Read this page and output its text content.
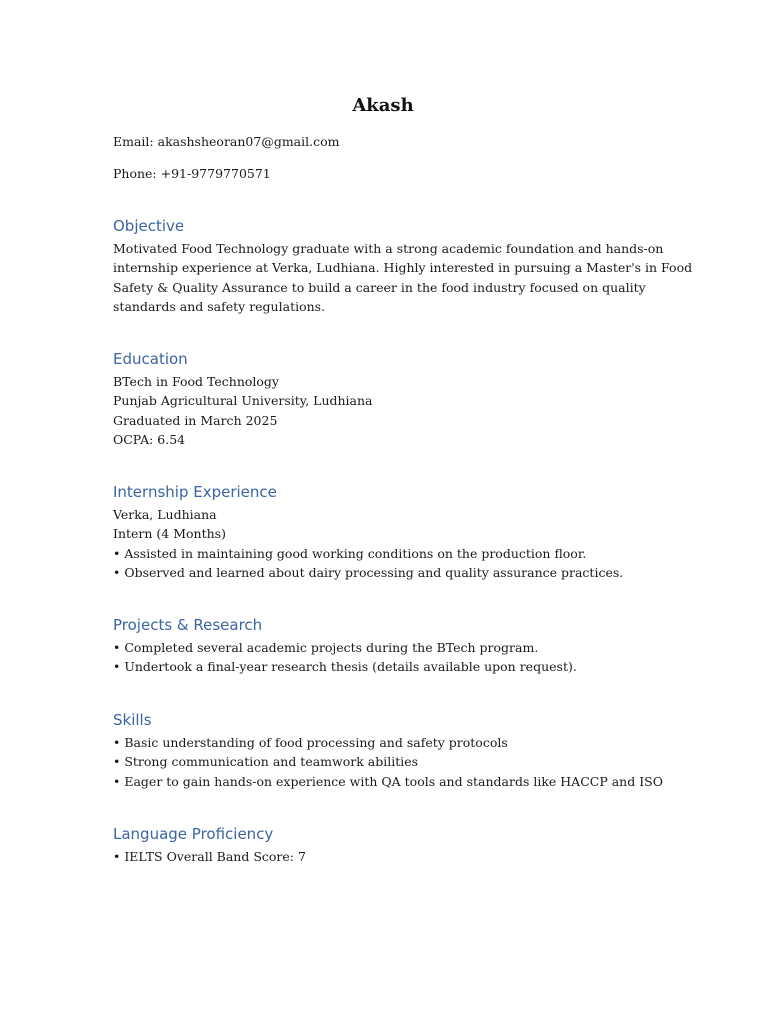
Akash
Email: akashsheoran07@gmail.com
Phone: +91-9779770571
Objective
Motivated Food Technology graduate with a strong academic foundation and hands-on
internship experience at Verka, Ludhiana. Highly interested in pursuing a Master's in Food
Safety & Quality Assurance to build a career in the food industry focused on quality
standards and safety regulations.
Education
BTech in Food Technology
Punjab Agricultural University, Ludhiana
Graduated in March 2025
OCPA: 6.54
Internship Experience
Verka, Ludhiana
Intern (4 Months)
• Assisted in maintaining good working conditions on the production floor.
• Observed and learned about dairy processing and quality assurance practices.
Projects & Research
• Completed several academic projects during the BTech program.
• Undertook a final-year research thesis (details available upon request).
Skills
• Basic understanding of food processing and safety protocols
• Strong communication and teamwork abilities
• Eager to gain hands-on experience with QA tools and standards like HACCP and ISO
Language Proficiency
• IELTS Overall Band Score: 7
